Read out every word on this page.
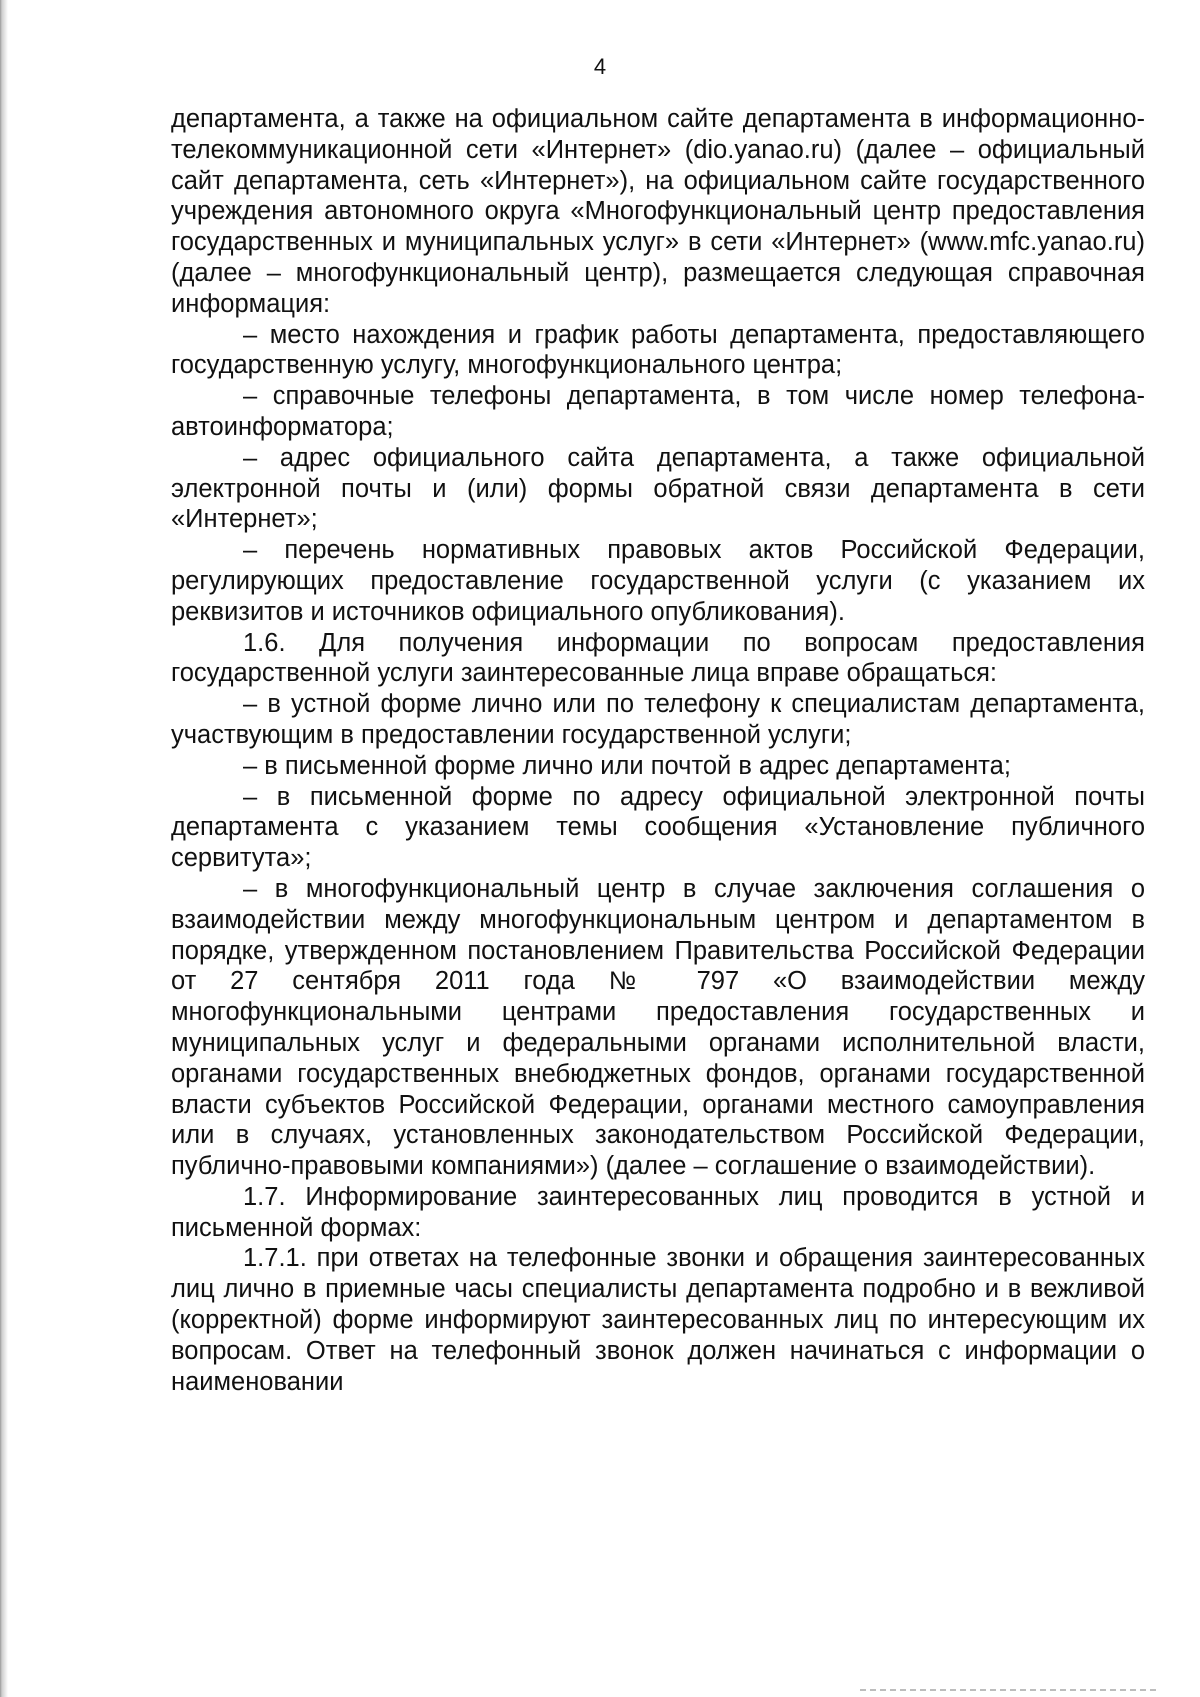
4

департамента, а также на официальном сайте департамента в информационно-телекоммуникационной сети «Интернет» (dio.yanao.ru) (далее – официальный сайт департамента, сеть «Интернет»), на официальном сайте государственного учреждения автономного округа «Многофункциональный центр предоставления государственных и муниципальных услуг» в сети «Интернет» (www.mfc.yanao.ru) (далее – многофункциональный центр), размещается следующая справочная информация:

– место нахождения и график работы департамента, предоставляющего государственную услугу, многофункционального центра;

– справочные телефоны департамента, в том числе номер телефона-автоинформатора;

– адрес официального сайта департамента, а также официальной электронной почты и (или) формы обратной связи департамента в сети «Интернет»;

– перечень нормативных правовых актов Российской Федерации, регулирующих предоставление государственной услуги (с указанием их реквизитов и источников официального опубликования).

1.6. Для получения информации по вопросам предоставления государственной услуги заинтересованные лица вправе обращаться:

– в устной форме лично или по телефону к специалистам департамента, участвующим в предоставлении государственной услуги;

– в письменной форме лично или почтой в адрес департамента;

– в письменной форме по адресу официальной электронной почты департамента с указанием темы сообщения «Установление публичного сервитута»;

– в многофункциональный центр в случае заключения соглашения о взаимодействии между многофункциональным центром и департаментом в порядке, утвержденном постановлением Правительства Российской Федерации от 27 сентября 2011 года № 797 «О взаимодействии между многофункциональными центрами предоставления государственных и муниципальных услуг и федеральными органами исполнительной власти, органами государственных внебюджетных фондов, органами государственной власти субъектов Российской Федерации, органами местного самоуправления или в случаях, установленных законодательством Российской Федерации, публично-правовыми компаниями») (далее – соглашение о взаимодействии).

1.7. Информирование заинтересованных лиц проводится в устной и письменной формах:

1.7.1. при ответах на телефонные звонки и обращения заинтересованных лиц лично в приемные часы специалисты департамента подробно и в вежливой (корректной) форме информируют заинтересованных лиц по интересующим их вопросам. Ответ на телефонный звонок должен начинаться с информации о наименовании
